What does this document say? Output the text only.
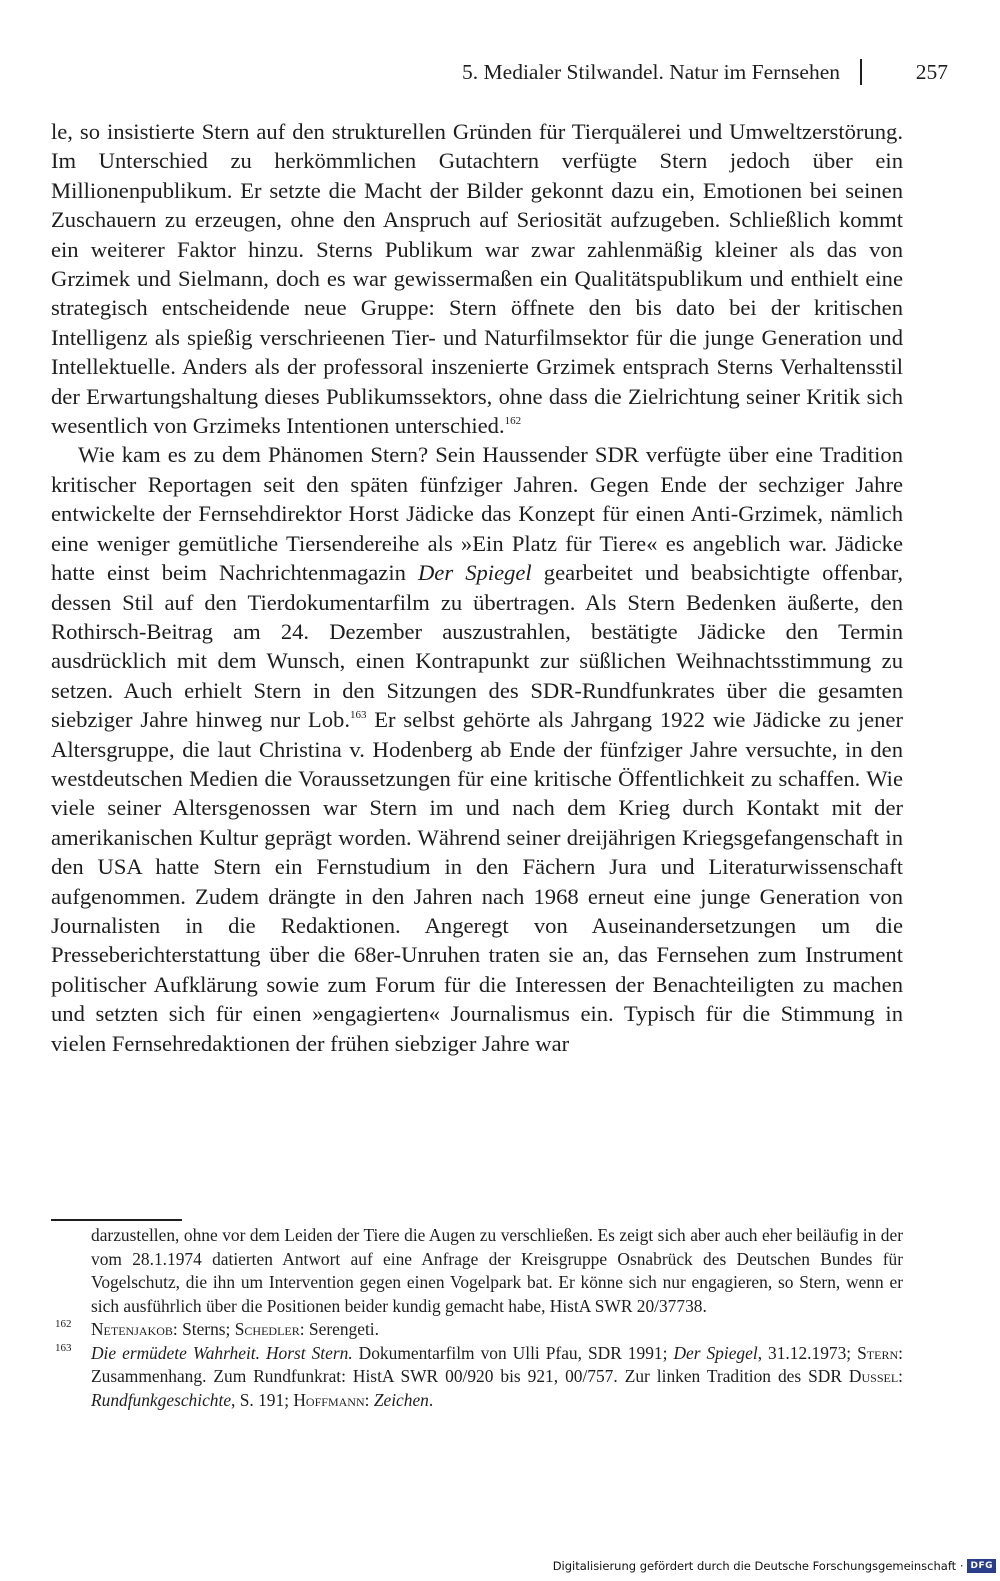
5. Medialer Stilwandel. Natur im Fernsehen	257

le, so insistierte Stern auf den strukturellen Gründen für Tierquälerei und Umweltzerstörung. Im Unterschied zu herkömmlichen Gutachtern verfügte Stern jedoch über ein Millionenpublikum. Er setzte die Macht der Bilder gekonnt dazu ein, Emotionen bei seinen Zuschauern zu erzeugen, ohne den Anspruch auf Seriosität aufzugeben. Schließlich kommt ein weiterer Faktor hinzu. Sterns Publikum war zwar zahlenmäßig kleiner als das von Grzimek und Sielmann, doch es war gewissermaßen ein Qualitätspublikum und enthielt eine strategisch entscheidende neue Gruppe: Stern öffnete den bis dato bei der kritischen Intelligenz als spießig verschrieenen Tier- und Naturfilmsektor für die junge Generation und Intellektuelle. Anders als der professoral inszenierte Grzimek entsprach Sterns Verhaltensstil der Erwartungshaltung dieses Publikumssektors, ohne dass die Zielrichtung seiner Kritik sich wesentlich von Grzimeks Intentionen unterschied.$^{162}$

Wie kam es zu dem Phänomen Stern? Sein Haussender SDR verfügte über eine Tradition kritischer Reportagen seit den späten fünfziger Jahren. Gegen Ende der sechziger Jahre entwickelte der Fernsehdirektor Horst Jädicke das Konzept für einen Anti-Grzimek, nämlich eine weniger gemütliche Tiersendereihe als »Ein Platz für Tiere« es angeblich war. Jädicke hatte einst beim Nachrichtenmagazin Der Spiegel gearbeitet und beabsichtigte offenbar, dessen Stil auf den Tierdokumentarfilm zu übertragen. Als Stern Bedenken äußerte, den Rothirsch-Beitrag am 24. Dezember auszustrahlen, bestätigte Jädicke den Termin ausdrücklich mit dem Wunsch, einen Kontrapunkt zur süßlichen Weihnachtsstimmung zu setzen. Auch erhielt Stern in den Sitzungen des SDR-Rundfunkrates über die gesamten siebziger Jahre hinweg nur Lob.$^{163}$ Er selbst gehörte als Jahrgang 1922 wie Jädicke zu jener Altersgruppe, die laut Christina v. Hodenberg ab Ende der fünfziger Jahre versuchte, in den westdeutschen Medien die Voraussetzungen für eine kritische Öffentlichkeit zu schaffen. Wie viele seiner Altersgenossen war Stern im und nach dem Krieg durch Kontakt mit der amerikanischen Kultur geprägt worden. Während seiner dreijährigen Kriegsgefangenschaft in den USA hatte Stern ein Fernstudium in den Fächern Jura und Literaturwissenschaft aufgenommen. Zudem drängte in den Jahren nach 1968 erneut eine junge Generation von Journalisten in die Redaktionen. Angeregt von Auseinandersetzungen um die Presseberichterstattung über die 68er-Unruhen traten sie an, das Fernsehen zum Instrument politischer Aufklärung sowie zum Forum für die Interessen der Benachteiligten zu machen und setzten sich für einen »engagierten« Journalismus ein. Typisch für die Stimmung in vielen Fernsehredaktionen der frühen siebziger Jahre war

darzustellen, ohne vor dem Leiden der Tiere die Augen zu verschließen. Es zeigt sich aber auch eher beiläufig in der vom 28.1.1974 datierten Antwort auf eine Anfrage der Kreisgruppe Osnabrück des Deutschen Bundes für Vogelschutz, die ihn um Intervention gegen einen Vogelpark bat. Er könne sich nur engagieren, so Stern, wenn er sich ausführlich über die Positionen beider kundig gemacht habe, HistA SWR 20/37738.
162 Netenjakob: Sterns; Schedler: Serengeti.
163 Die ermüdete Wahrheit. Horst Stern. Dokumentarfilm von Ulli Pfau, SDR 1991; Der Spiegel, 31.12.1973; Stern: Zusammenhang. Zum Rundfunkrat: HistA SWR 00/920 bis 921, 00/757. Zur linken Tradition des SDR Dussel: Rundfunkgeschichte, S. 191; Hoffmann: Zeichen.
Digitalisierung gefördert durch die Deutsche Forschungsgemeinschaft · DFG
